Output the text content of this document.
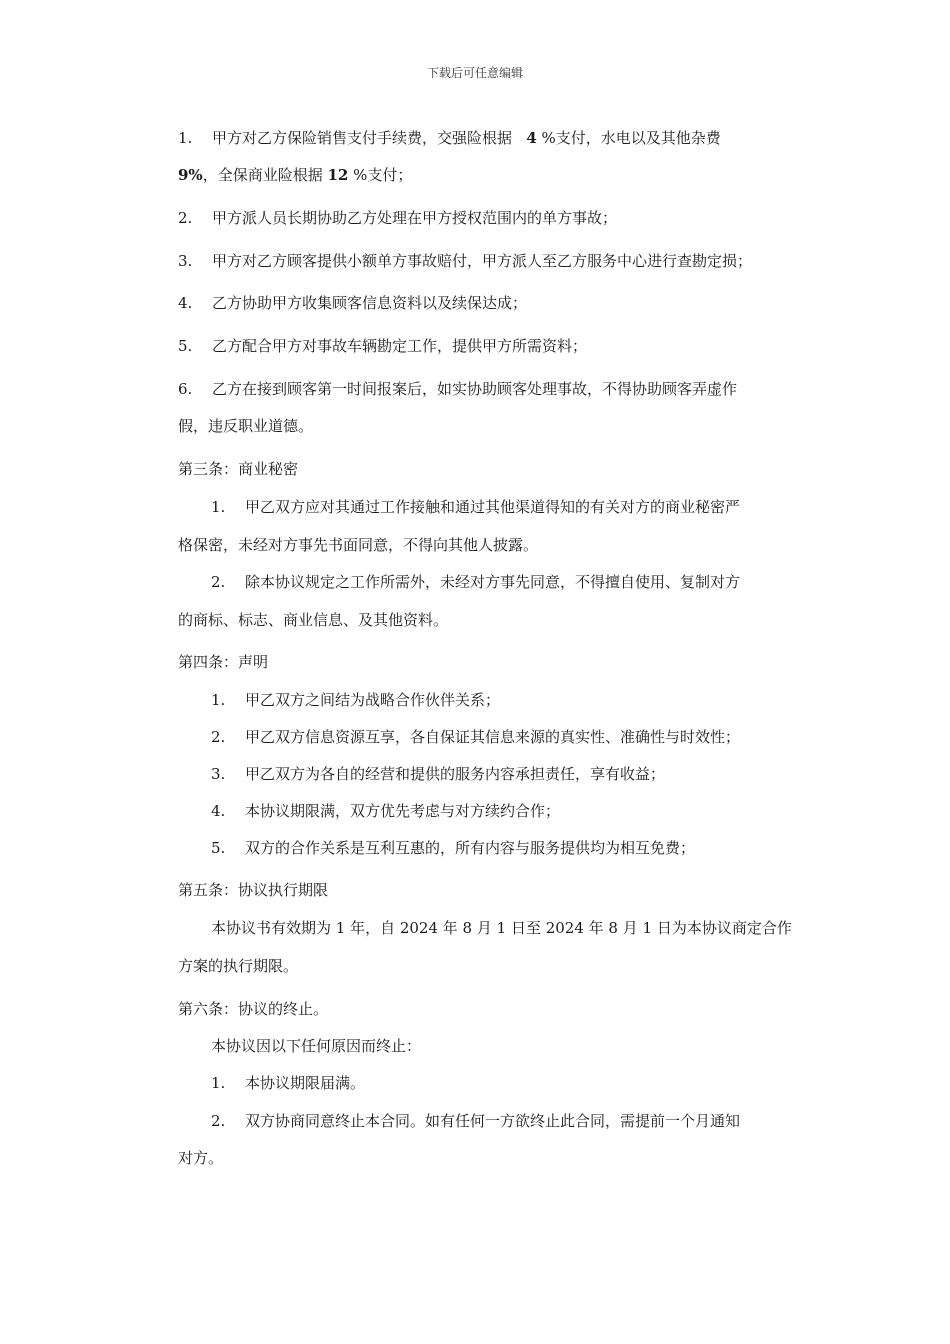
下载后可任意编辑
1. 甲方对乙方保险销售支付手续费，交强险根据 4 %支付，水电以及其他杂费
9%，全保商业险根据 12 %支付；
2. 甲方派人员长期协助乙方处理在甲方授权范围内的单方事故；
3. 甲方对乙方顾客提供小额单方事故赔付，甲方派人至乙方服务中心进行查勘定损；
4. 乙方协助甲方收集顾客信息资料以及续保达成；
5. 乙方配合甲方对事故车辆勘定工作，提供甲方所需资料；
6. 乙方在接到顾客第一时间报案后，如实协助顾客处理事故，不得协助顾客弄虚作
假，违反职业道德。
第三条：商业秘密
1. 甲乙双方应对其通过工作接触和通过其他渠道得知的有关对方的商业秘密严
格保密，未经对方事先书面同意，不得向其他人披露。
2. 除本协议规定之工作所需外，未经对方事先同意，不得擅自使用、复制对方
的商标、标志、商业信息、及其他资料。
第四条：声明
1. 甲乙双方之间结为战略合作伙伴关系；
2. 甲乙双方信息资源互享，各自保证其信息来源的真实性、准确性与时效性；
3. 甲乙双方为各自的经营和提供的服务内容承担责任，享有收益；
4. 本协议期限满，双方优先考虑与对方续约合作；
5. 双方的合作关系是互利互惠的，所有内容与服务提供均为相互免费；
第五条：协议执行期限
本协议书有效期为 1 年，自 2024 年 8 月 1 日至 2024 年 8 月 1 日为本协议商定合作
方案的执行期限。
第六条：协议的终止。
本协议因以下任何原因而终止：
1. 本协议期限届满。
2. 双方协商同意终止本合同。如有任何一方欲终止此合同，需提前一个月通知
对方。
